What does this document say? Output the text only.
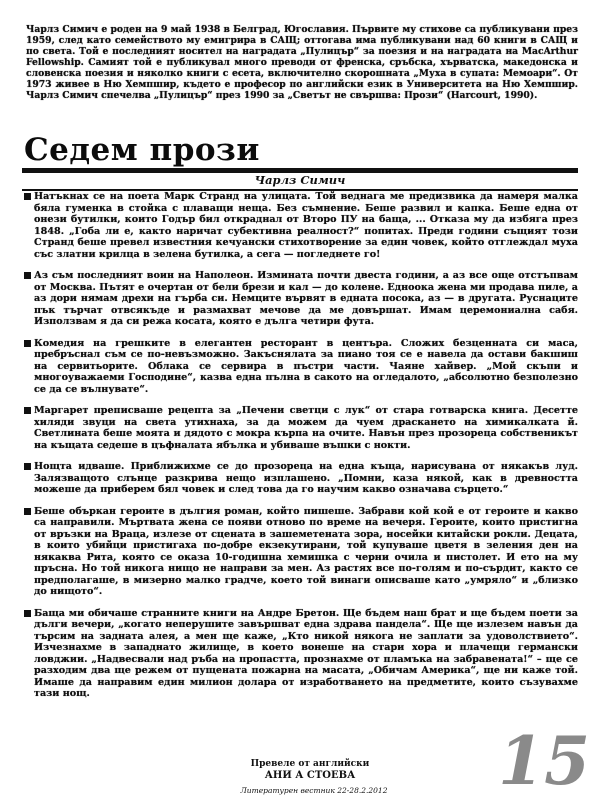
Чарлз Симич е роден на 9 май 1938 в Белград, Югославия. Първите му стихове са публикувани през 1959, след като семейството му емигрира в САЩ; оттогава има публикувани над 60 книги в САЩ и по света. Той е последният носител на наградата „Пулицър“ за поезия и на наградата на MacArthur Fellowship. Самият той е публикувал много преводи от френска, сръбска, хърватска, македонска и словенска поезия и няколко книги с есета, включително скорошната „Муха в супата: Мемоари“. От 1973 живее в Ню Хемпшир, където е професор по английски език в Университета на Ню Хемпшир. Чарлз Симич спечелва „Пулицър“ през 1990 за „Светът не свършва: Прози“ (Harcourt, 1990).
Седем прози
Чарлз Симич
Натъкнах се на поета Марк Странд на улицата. Той веднага ме предизвика да намеря малка бяла гуменка в стойка с плаващи неща. Без съмнение. Беше развил и капка. Беше една от онези бутилки, които Годър бил откраднал от Второ ПУ на баща, ... Отказа му да избяга през 1848. „Гоба ли е, както наричат субективна реалност?“ попитах. Преди години същият този Странд беше превел известния кечуански стихотворение за един човек, който отглеждал муха със златни крилца в зелена бутилка, а сега — погледнете го!
Аз съм последният воин на Наполеон. Измината почти двеста години, а аз все още отстъпвам от Москва. Пътят е очертан от бели брези и кал — до колене. Едноока жена ми продава пиле, а аз дори нямам дрехи на гърба си. Немците вървят в едната посока, аз — в другата. Руснаците пък търчат отвсякъде и размахват мечове да ме довършат. Имам церемониална сабя. Използвам я да си режа косата, която е дълга четири фута.
Комедия на грешките в елегантен ресторант в центъра. Сложих безценната си маса, пребръснал съм се по-невъзможно. Закъснялата за пиано тоя се е навела да остави бакшиш на сервитьорите. Облака се сервира в пъстри части. Чаяне хайвер. „Мой скъпи и многоуважаеми Господине“, казва една пълна в сакото на огледалото, „абсолютно безполезно се да се вълнувате“.
Маргарет преписваше рецепта за „Печени светци с лук“ от стара готварска книга. Десетте хиляди звуци на света утихнаха, за да можем да чуем драскането на химикалката й. Светлината беше моята и дядото с мокра кърпа на очите. Навън през прозореца собственикът на къщата седеше в цъфналата ябълка и убиваше въшки с нокти.
Нощта идваше. Приближихме се до прозореца на една къща, нарисувана от някакъв луд. Залязващото слънце разкрива нещо изплашено. „Помни, каза някой, как в древността можеше да приберем бял човек и след това да го научим какво означава сърцето.“
Беше объркан героите в дългия роман, който пишеше. Забрави кой кой е от героите и какво са направили. Мъртвата жена се появи отново по време на вечеря. Героите, които пристигна от връзки на Враца, излезе от сцената в зашеметената зора, носейки китайски рокли. Децата, в които убийци пристигаха по-добре екзекутирани, той купуваше цветя в зеления ден на някаква Рита, която се оказа 10-годишна хемишка с черни очила и пистолет. И ето на му пръсна. Но той никога нищо не направи за мен. Аз растях все по-голям и по-сърдит, както се предполагаше, в мизерно малко градче, което той винаги описваше като „умряло“ и „близко до нищото“.
Баща ми обичаше странните книги на Андре Бретон. Ще бъдем наш брат и ще бъдем поети за дълги вечери, „когато неперушите завършват една здрава пандела“. Ще ще излезем навън да търсим на задната алея, а мен ще каже, „Кто никой някога не заплати за удоволствието“. Изчезнахме в западнато жилище, в което вонеше на стари хора и плачещи германски ловджии. „Надвесвали над ръба на пропастта, прознахме от пламъка на забравената!“ – ще се разходим два ще режем от пущената пожарна на масата, „Обичам Америка“, ще ни каже той. Имаше да направим един милион долара от изработването на предметите, които съзувахме тази нощ.
Превеле от английски
АНИ А СТОЕВА	15
Литературен вестник 22-28.2.2012
